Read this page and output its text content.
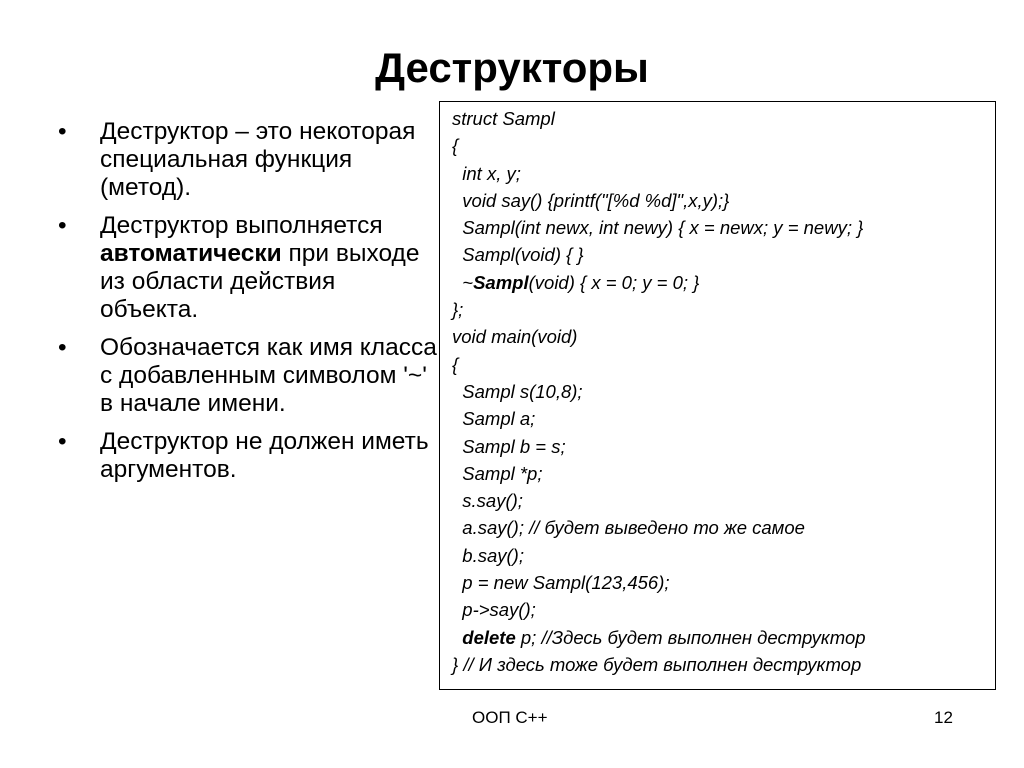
Деструкторы
• Деструктор – это некоторая специальная функция (метод).
• Деструктор выполняется автоматически при выходе из области действия объекта.
• Обозначается как имя класса с добавленным символом '~' в начале имени.
• Деструктор не должен иметь аргументов.
struct Sampl
{
int x, y;
void say() {printf("[%d %d]",x,y);}
Sampl(int newx, int newy) { x = newx; y = newy; }
Sampl(void) { }
~Sampl(void) { x = 0; y = 0; }
};
void main(void)
{
Sampl s(10,8);
Sampl a;
Sampl b = s;
Sampl *p;
s.say();
a.say(); // будет выведено то же самое
b.say();
p = new Sampl(123,456);
p->say();
delete p; //Здесь будет выполнен деструктор
} // И здесь тоже будет выполнен деструктор
ООП С++	12
